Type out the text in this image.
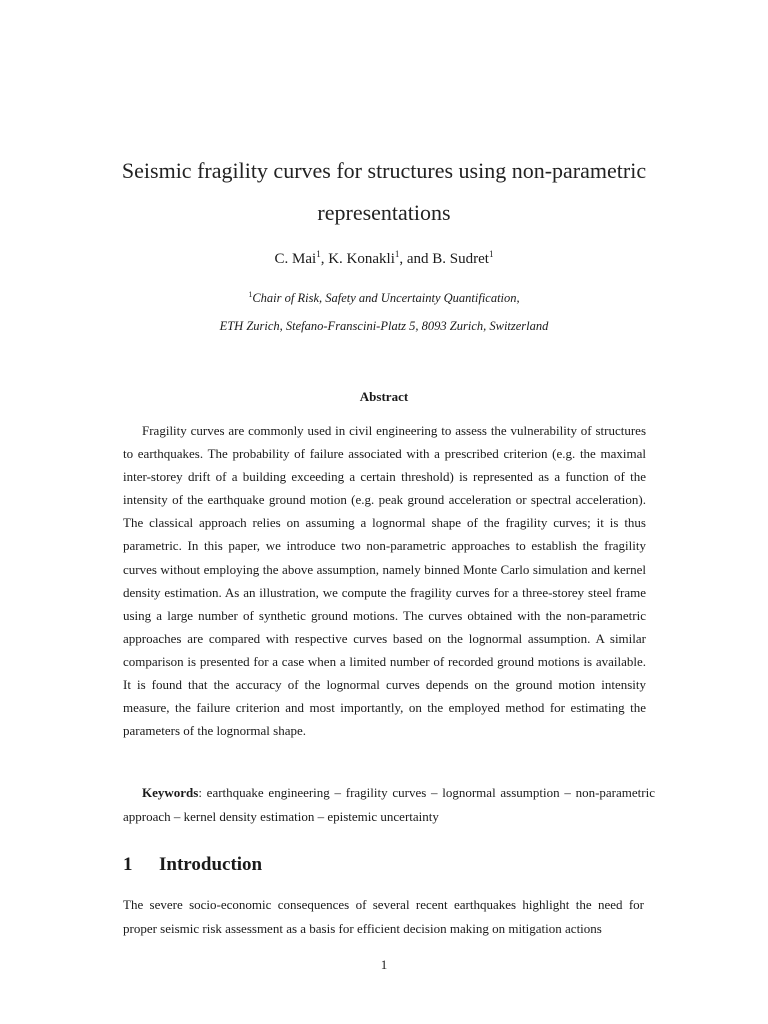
Seismic fragility curves for structures using non-parametric
representations
C. Mai$^1$, K. Konakli$^1$, and B. Sudret$^1$
$^1$Chair of Risk, Safety and Uncertainty Quantification,
ETH Zurich, Stefano-Franscini-Platz 5, 8093 Zurich, Switzerland
Abstract

Fragility curves are commonly used in civil engineering to assess the vulnerability of structures to earthquakes. The probability of failure associated with a prescribed criterion (e.g. the maximal inter-storey drift of a building exceeding a certain threshold) is represented as a function of the intensity of the earthquake ground motion (e.g. peak ground acceleration or spectral acceleration). The classical approach relies on assuming a lognormal shape of the fragility curves; it is thus parametric. In this paper, we introduce two non-parametric approaches to establish the fragility curves without employing the above assumption, namely binned Monte Carlo simulation and kernel density estimation. As an illustration, we compute the fragility curves for a three-storey steel frame using a large number of synthetic ground motions. The curves obtained with the non-parametric approaches are compared with respective curves based on the lognormal assumption. A similar comparison is presented for a case when a limited number of recorded ground motions is available. It is found that the accuracy of the lognormal curves depends on the ground motion intensity measure, the failure criterion and most importantly, on the employed method for estimating the parameters of the lognormal shape.

Keywords: earthquake engineering – fragility curves – lognormal assumption – non-parametric approach – kernel density estimation – epistemic uncertainty

1 Introduction

The severe socio-economic consequences of several recent earthquakes highlight the need for proper seismic risk assessment as a basis for efficient decision making on mitigation actions

1
